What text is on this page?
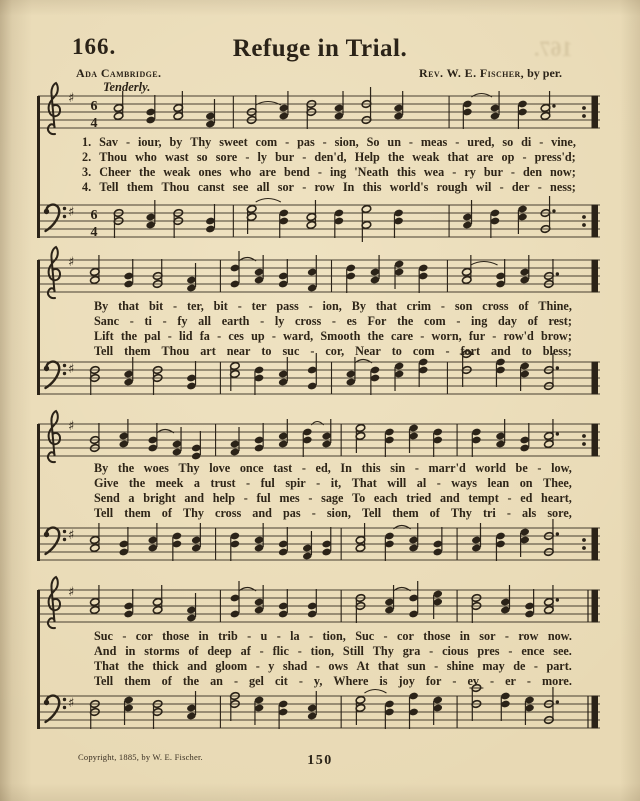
167.
166.	Refuge in Trial.
Ada Cambridge.	Rev. W. E. Fischer, by per.
Tenderly.
♯
6
4
1. Sav - iour, by Thy sweet com - pas - sion, So un - meas - ured, so di - vine,
2. Thou who wast so sore - ly bur - den'd, Help the weak that are op - press'd;
3. Cheer the weak ones who are bend - ing 'Neath this wea - ry bur - den now;
4. Tell them Thou canst see all sor - row In this world's rough wil - der - ness;
♯ 6
4
♯
By that bit - ter, bit - ter pass - ion, By that crim - son cross of Thine,
Sanc - ti - fy all earth - ly cross - es For the com - ing day of rest;
Lift the pal - lid fa - ces up - ward, Smooth the care - worn, fur - row'd brow;
Tell them Thou art near to suc - cor, Near to com - fort and to bless;
♯
♯
By the woes Thy love once tast - ed, In this sin - marr'd world be - low,
Give the meek a trust - ful spir - it, That will al - ways lean on Thee,
Send a bright and help - ful mes - sage To each tried and tempt - ed heart,
Tell them of Thy cross and pas - sion, Tell them of Thy tri - als sore,
♯
♯
Suc - cor those in trib - u - la - tion, Suc - cor those in sor - row now.
And in storms of deep af - flic - tion, Still Thy gra - cious pres - ence see.
That the thick and gloom - y shad - ows At that sun - shine may de - part.
Tell them of the an - gel cit - y, Where is joy for - ev - er - more.
♯
Copyright, 1885, by W. E. Fischer.	150
